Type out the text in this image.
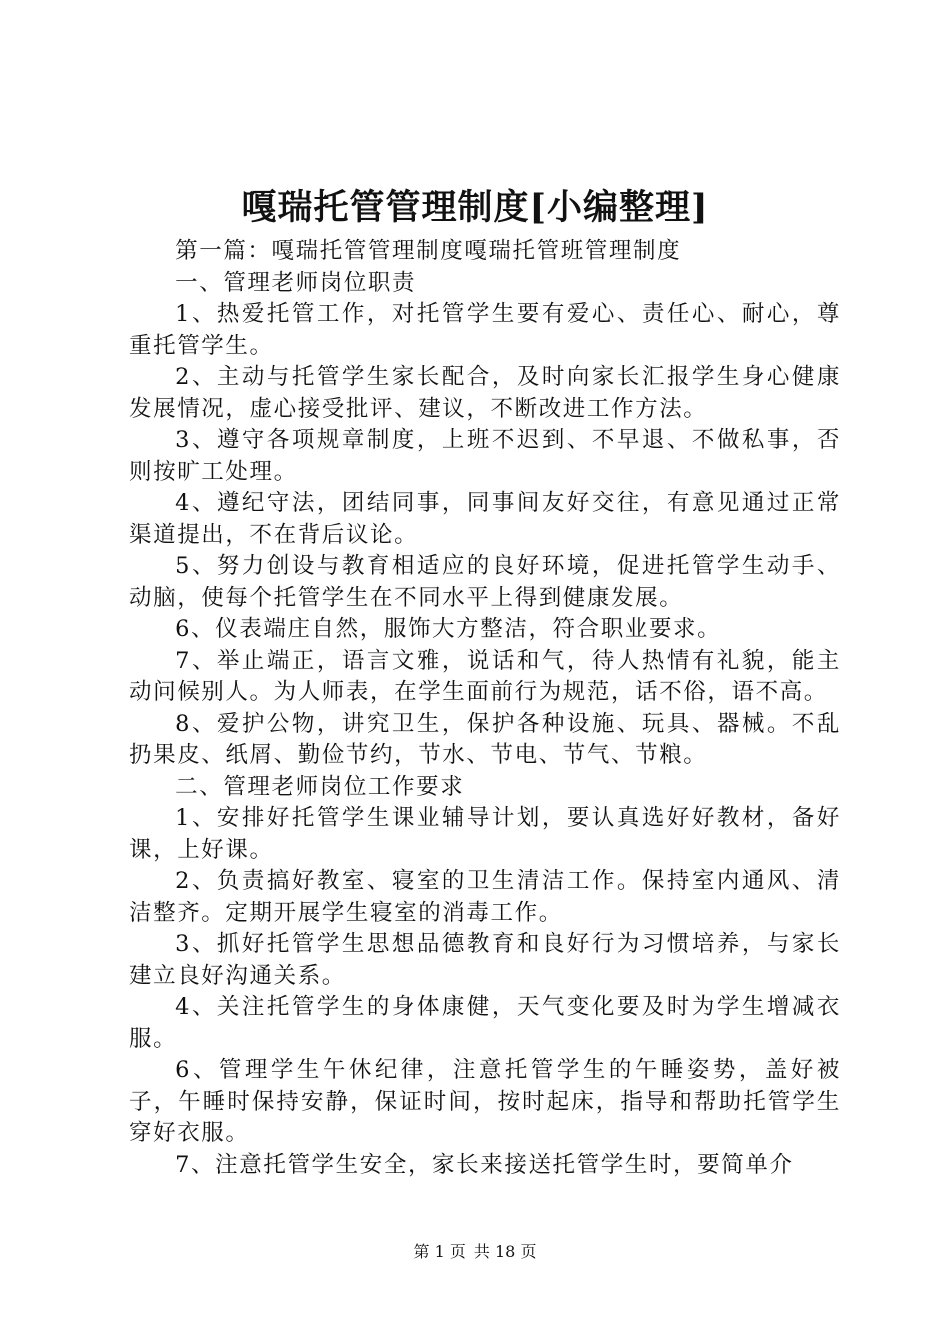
嘎瑞托管管理制度[小编整理]

第一篇：嘎瑞托管管理制度嘎瑞托管班管理制度

一、管理老师岗位职责

1、热爱托管工作，对托管学生要有爱心、责任心、耐心，尊重托管学生。

2、主动与托管学生家长配合，及时向家长汇报学生身心健康发展情况，虚心接受批评、建议，不断改进工作方法。

3、遵守各项规章制度，上班不迟到、不早退、不做私事，否则按旷工处理。

4、遵纪守法，团结同事，同事间友好交往，有意见通过正常渠道提出，不在背后议论。

5、努力创设与教育相适应的良好环境，促进托管学生动手、动脑，使每个托管学生在不同水平上得到健康发展。

6、仪表端庄自然，服饰大方整洁，符合职业要求。

7、举止端正，语言文雅，说话和气，待人热情有礼貌，能主动问候别人。为人师表，在学生面前行为规范，话不俗，语不高。

8、爱护公物，讲究卫生，保护各种设施、玩具、器械。不乱扔果皮、纸屑、勤俭节约，节水、节电、节气、节粮。

二、管理老师岗位工作要求

1、安排好托管学生课业辅导计划，要认真选好好教材，备好课，上好课。

2、负责搞好教室、寝室的卫生清洁工作。保持室内通风、清洁整齐。定期开展学生寝室的消毒工作。

3、抓好托管学生思想品德教育和良好行为习惯培养，与家长建立良好沟通关系。

4、关注托管学生的身体康健，天气变化要及时为学生增减衣服。

6、管理学生午休纪律，注意托管学生的午睡姿势，盖好被子，午睡时保持安静，保证时间，按时起床，指导和帮助托管学生穿好衣服。

7、注意托管学生安全，家长来接送托管学生时，要简单介

第 1 页 共 18 页
